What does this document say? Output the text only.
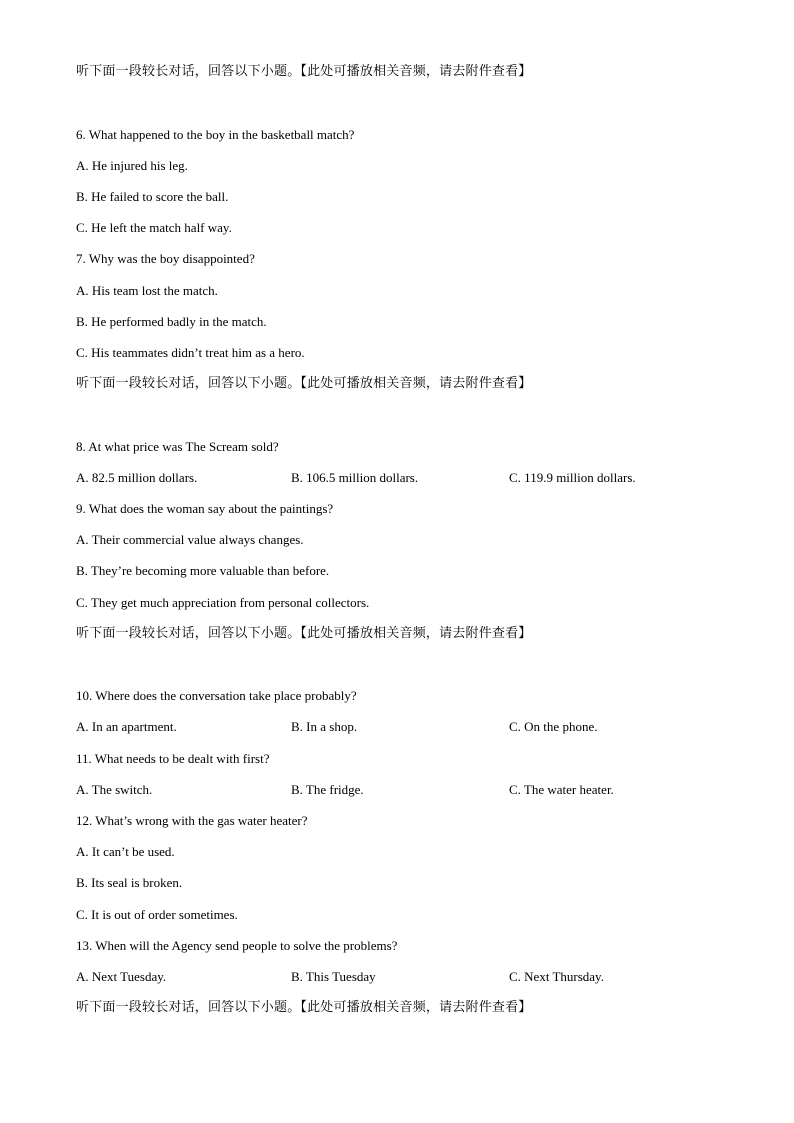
听下面一段较长对话，回答以下小题。【此处可播放相关音频，请去附件查看】
6. What happened to the boy in the basketball match?
A. He injured his leg.
B. He failed to score the ball.
C. He left the match half way.
7. Why was the boy disappointed?
A. His team lost the match.
B. He performed badly in the match.
C. His teammates didn’t treat him as a hero.
听下面一段较长对话，回答以下小题。【此处可播放相关音频，请去附件查看】
8. At what price was The Scream sold?
A. 82.5 million dollars.	B. 106.5 million dollars.	C. 119.9 million dollars.
9. What does the woman say about the paintings?
A. Their commercial value always changes.
B. They’re becoming more valuable than before.
C. They get much appreciation from personal collectors.
听下面一段较长对话，回答以下小题。【此处可播放相关音频，请去附件查看】
10. Where does the conversation take place probably?
A. In an apartment.	B. In a shop.	C. On the phone.
11. What needs to be dealt with first?
A. The switch.	B. The fridge.	C. The water heater.
12. What’s wrong with the gas water heater?
A. It can’t be used.
B. Its seal is broken.
C. It is out of order sometimes.
13. When will the Agency send people to solve the problems?
A. Next Tuesday.	B. This Tuesday	C. Next Thursday.
听下面一段较长对话，回答以下小题。【此处可播放相关音频，请去附件查看】
